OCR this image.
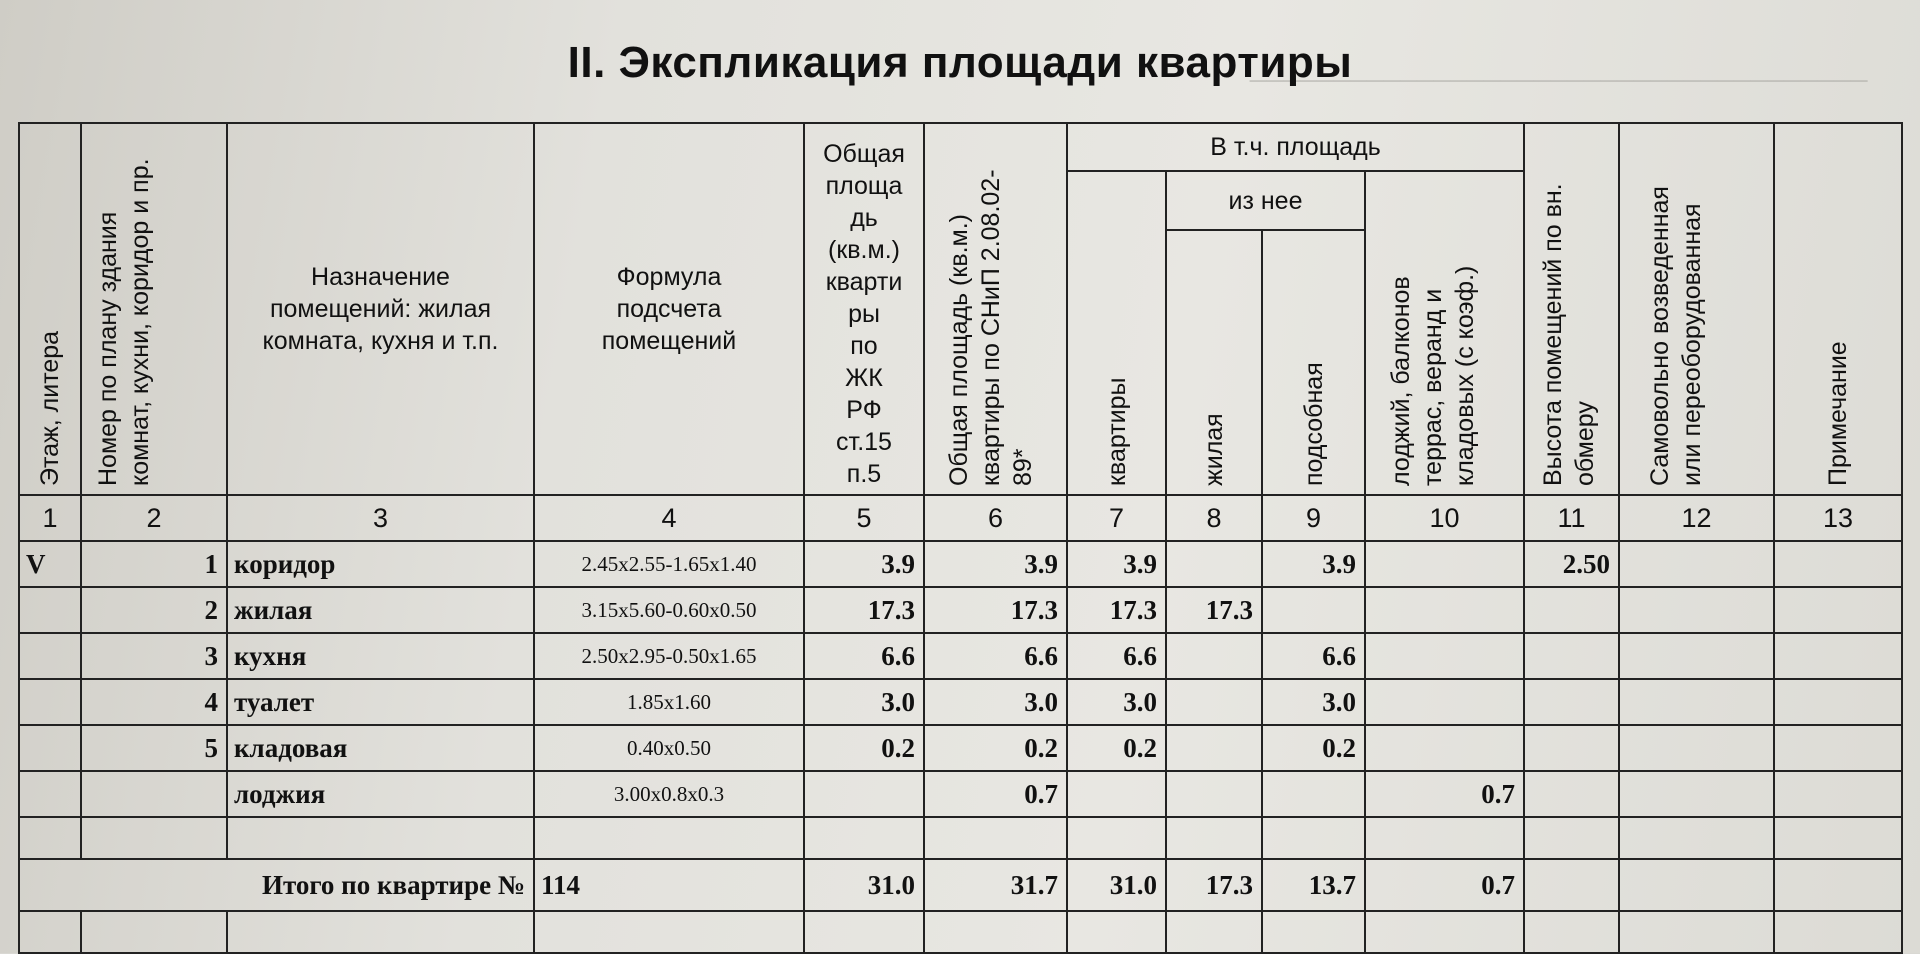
_____________________________________
_________________________________
II. Экспликация площади квартиры
Этаж, литера	Номер по плану здания комнат, кухни, коридор и пр.	Назначение помещений: жилая комната, кухня и т.п.	Формула подсчета помещений	Общая площа дь (кв.м.) кварти ры по ЖК РФ ст.15 п.5	Общая площадь (кв.м.) квартиры по СНиП 2.08.02-89*	В т.ч. площадь				Высота помещений по вн. обмеру	Самовольно возведенная или переоборудованная	Примечание

						квартиры	из нее		лоджий, балконов террас, веранд и кладовых (с коэф.)			

							жилая	подсобная				

1	2	3	4	5	6	7	8	9	10	11	12	13
V	1	коридор	2.45x2.55-1.65x1.40	3.9	3.9	3.9		3.9		2.50		
	2	жилая	3.15x5.60-0.60x0.50	17.3	17.3	17.3	17.3					
	3	кухня	2.50x2.95-0.50x1.65	6.6	6.6	6.6		6.6				
	4	туалет	1.85x1.60	3.0	3.0	3.0		3.0				
	5	кладовая	0.40x0.50	0.2	0.2	0.2		0.2				
		лоджия	3.00x0.8x0.3		0.7				0.7			

Итого по квартире №			114	31.0	31.7	31.0	17.3	13.7	0.7			
